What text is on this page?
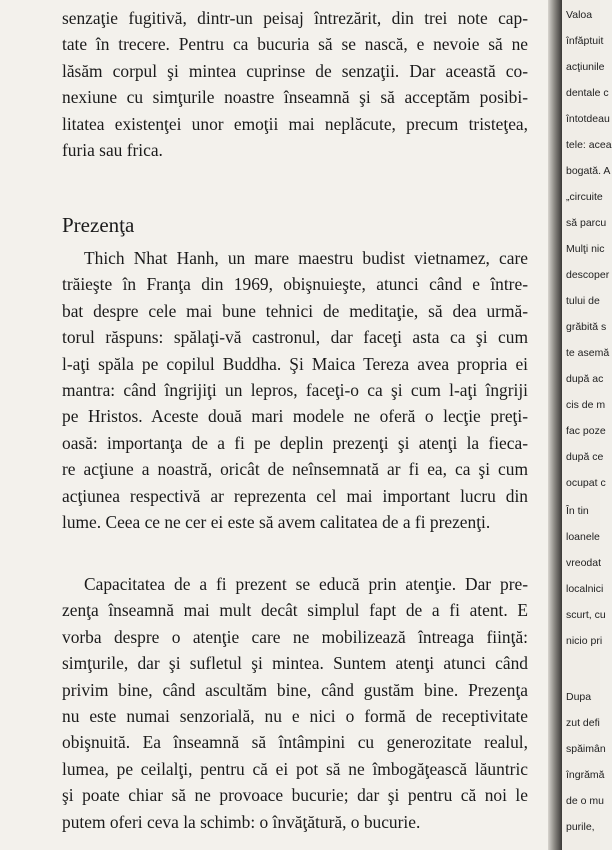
senzaţie fugitivă, dintr-un peisaj întrezărit, din trei note cap-
tate în trecere. Pentru ca bucuria să se nască, e nevoie să ne
lăsăm corpul şi mintea cuprinse de senzaţii. Dar această co-
nexiune cu simţurile noastre înseamnă şi să acceptăm posibi-
litatea existenţei unor emoţii mai neplăcute, precum tristeţea,
furia sau frica.
Prezenţa
Thich Nhat Hanh, un mare maestru budist vietnamez, care
trăieşte în Franţa din 1969, obişnuieşte, atunci când e între-
bat despre cele mai bune tehnici de meditaţie, să dea urmă-
torul răspuns: spălaţi-vă castronul, dar faceţi asta ca şi cum
l-aţi spăla pe copilul Buddha. Şi Maica Tereza avea propria ei
mantra: când îngrijiţi un lepros, faceţi-o ca şi cum l-aţi îngriji
pe Hristos. Aceste două mari modele ne oferă o lecţie preţi-
oasă: importanţa de a fi pe deplin prezenţi şi atenţi la fieca-
re acţiune a noastră, oricât de neînsemnată ar fi ea, ca şi cum
acţiunea respectivă ar reprezenta cel mai important lucru din
lume. Ceea ce ne cer ei este să avem calitatea de a fi prezenţi.
Capacitatea de a fi prezent se educă prin atenţie. Dar pre-
zenţa înseamnă mai mult decât simplul fapt de a fi atent. E
vorba despre o atenţie care ne mobilizează întreaga fiinţă:
simţurile, dar şi sufletul şi mintea. Suntem atenţi atunci când
privim bine, când ascultăm bine, când gustăm bine. Prezenţa
nu este numai senzorială, nu e nici o formă de receptivitate
obişnuită. Ea înseamnă să întâmpini cu generozitate realul,
lumea, pe ceilalţi, pentru că ei pot să ne îmbogăţească lăuntric
şi poate chiar să ne provoace bucurie; dar şi pentru că noi le
putem oferi ceva la schimb: o învăţătură, o bucurie.
Valoa
înfăptuit
acţiunile
dentale c
întotdeau
tele: acea
bogată. A
„circuite
să parcu
Mulţi nic
descoper
tului de
grăbită s
te asemă
după ac
cis de m
fac poze
după ce
ocupat c
În tin
loanele
vreodat
localnici
scurt, cu
nicio pri
Dupa
zut defi
spăimân
îngrămă
de o mu
purile,
